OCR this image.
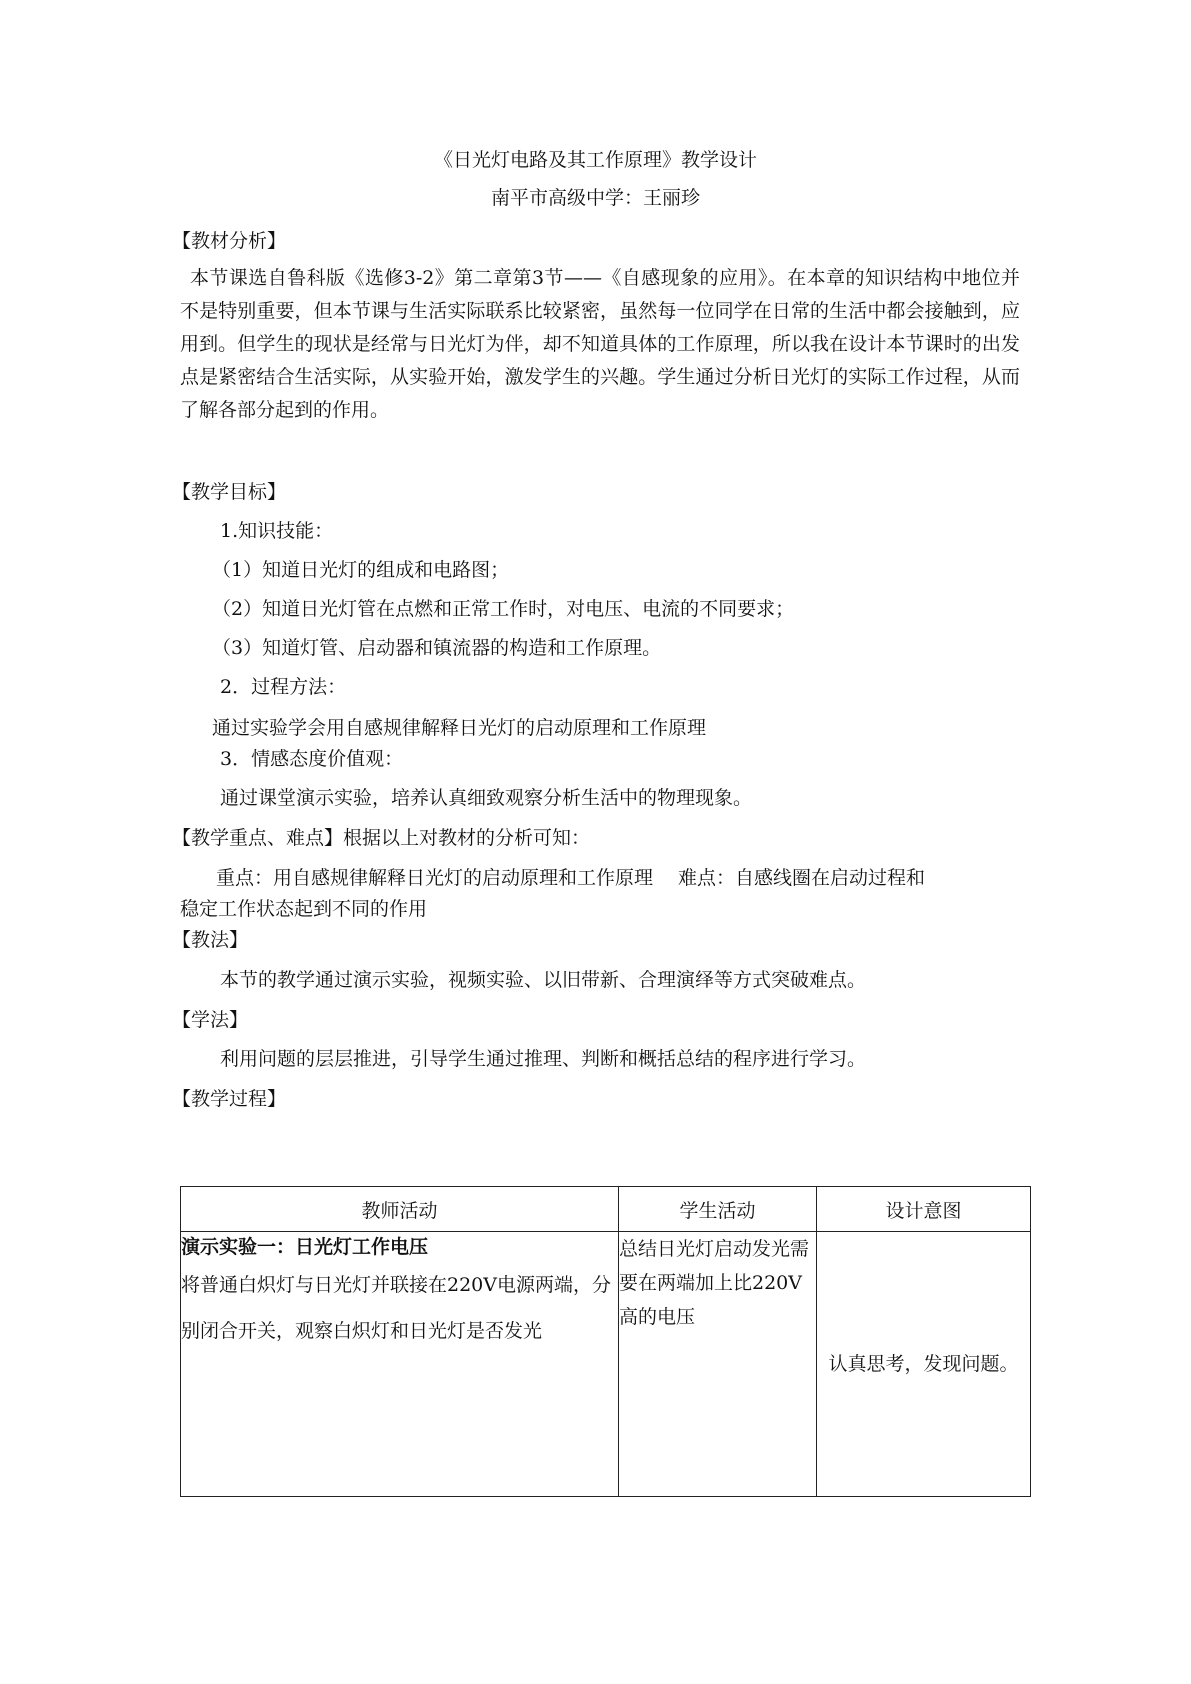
《日光灯电路及其工作原理》教学设计
南平市高级中学：王丽珍
【教材分析】
本节课选自鲁科版《选修3-2》第二章第3节——《自感现象的应用》。在本章的知识结构中地位并不是特别重要，但本节课与生活实际联系比较紧密，虽然每一位同学在日常的生活中都会接触到，应用到。但学生的现状是经常与日光灯为伴，却不知道具体的工作原理，所以我在设计本节课时的出发点是紧密结合生活实际，从实验开始，激发学生的兴趣。学生通过分析日光灯的实际工作过程，从而了解各部分起到的作用。
【教学目标】
1.知识技能：
（1）知道日光灯的组成和电路图；
（2）知道日光灯管在点燃和正常工作时，对电压、电流的不同要求；
（3）知道灯管、启动器和镇流器的构造和工作原理。
2．过程方法：
通过实验学会用自感规律解释日光灯的启动原理和工作原理
3．情感态度价值观：
通过课堂演示实验，培养认真细致观察分析生活中的物理现象。
【教学重点、难点】根据以上对教材的分析可知：
重点：用自感规律解释日光灯的启动原理和工作原理　 难点：自感线圈在启动过程和
稳定工作状态起到不同的作用
【教法】
本节的教学通过演示实验，视频实验、以旧带新、合理演绎等方式突破难点。
【学法】
利用问题的层层推进，引导学生通过推理、判断和概括总结的程序进行学习。
【教学过程】
教师活动	学生活动	设计意图

演示实验一：日光灯工作电压
将普通白炽灯与日光灯并联接在220V电源两端，分别闭合开关，观察白炽灯和日光灯是否发光	总结日光灯启动发光需要在两端加上比220V高的电压	认真思考，发现问题。
